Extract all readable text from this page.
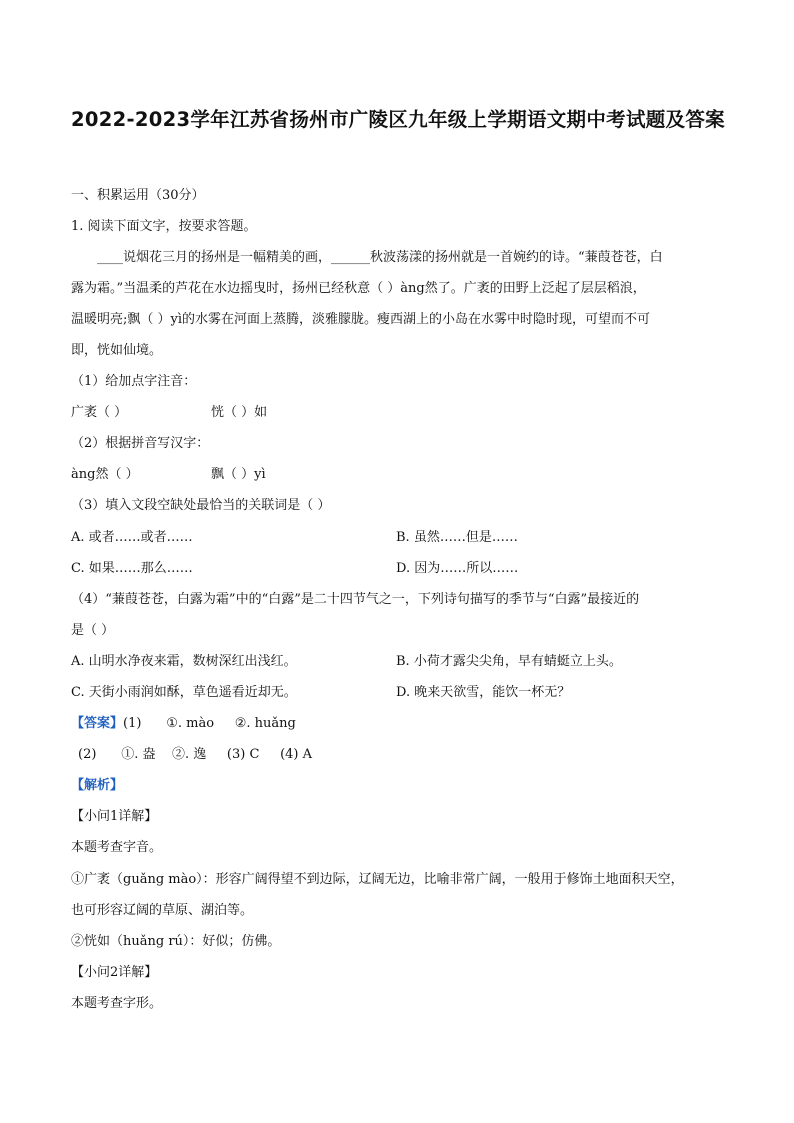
2022-2023学年江苏省扬州市广陵区九年级上学期语文期中考试题及答案
一、积累运用（30分）
1. 阅读下面文字，按要求答题。
____说烟花三月的扬州是一幅精美的画，______秋波荡漾的扬州就是一首婉约的诗。“蒹葭苍苍，白
露为霜。”当温柔的芦花在水边摇曳时，扬州已经秋意（ ）àng然了。广袤的田野上泛起了层层稻浪，
温暖明亮;飘（ ）yì的水雾在河面上蒸腾，淡雅朦胧。瘦西湖上的小岛在水雾中时隐时现，可望而不可
即，恍如仙境。
（1）给加点字注音：
广袤（ ）	恍（ ）如
（2）根据拼音写汉字：
àng然（ ）	飘（ ）yì
（3）填入文段空缺处最恰当的关联词是（ ）
A. 或者……或者……	B. 虽然……但是……
C. 如果……那么……	D. 因为……所以……
（4）“蒹葭苍苍，白露为霜”中的“白露”是二十四节气之一，下列诗句描写的季节与“白露”最接近的
是（ ）
A. 山明水净夜来霜，数树深红出浅红。	B. 小荷才露尖尖角，早有蜻蜓立上头。
C. 天街小雨润如酥，草色遥看近却无。	D. 晚来天欲雪，能饮一杯无？
【答案】(1)      ①. mào     ②. huǎng
(2)      ①. 盎    ②. 逸     (3) C     (4) A
【解析】
【小问1详解】
本题考查字音。
①广袤（guǎng mào）：形容广阔得望不到边际，辽阔无边，比喻非常广阔，一般用于修饰土地面积天空，
也可形容辽阔的草原、湖泊等。
②恍如（huǎng rú）：好似；仿佛。
【小问2详解】
本题考查字形。
